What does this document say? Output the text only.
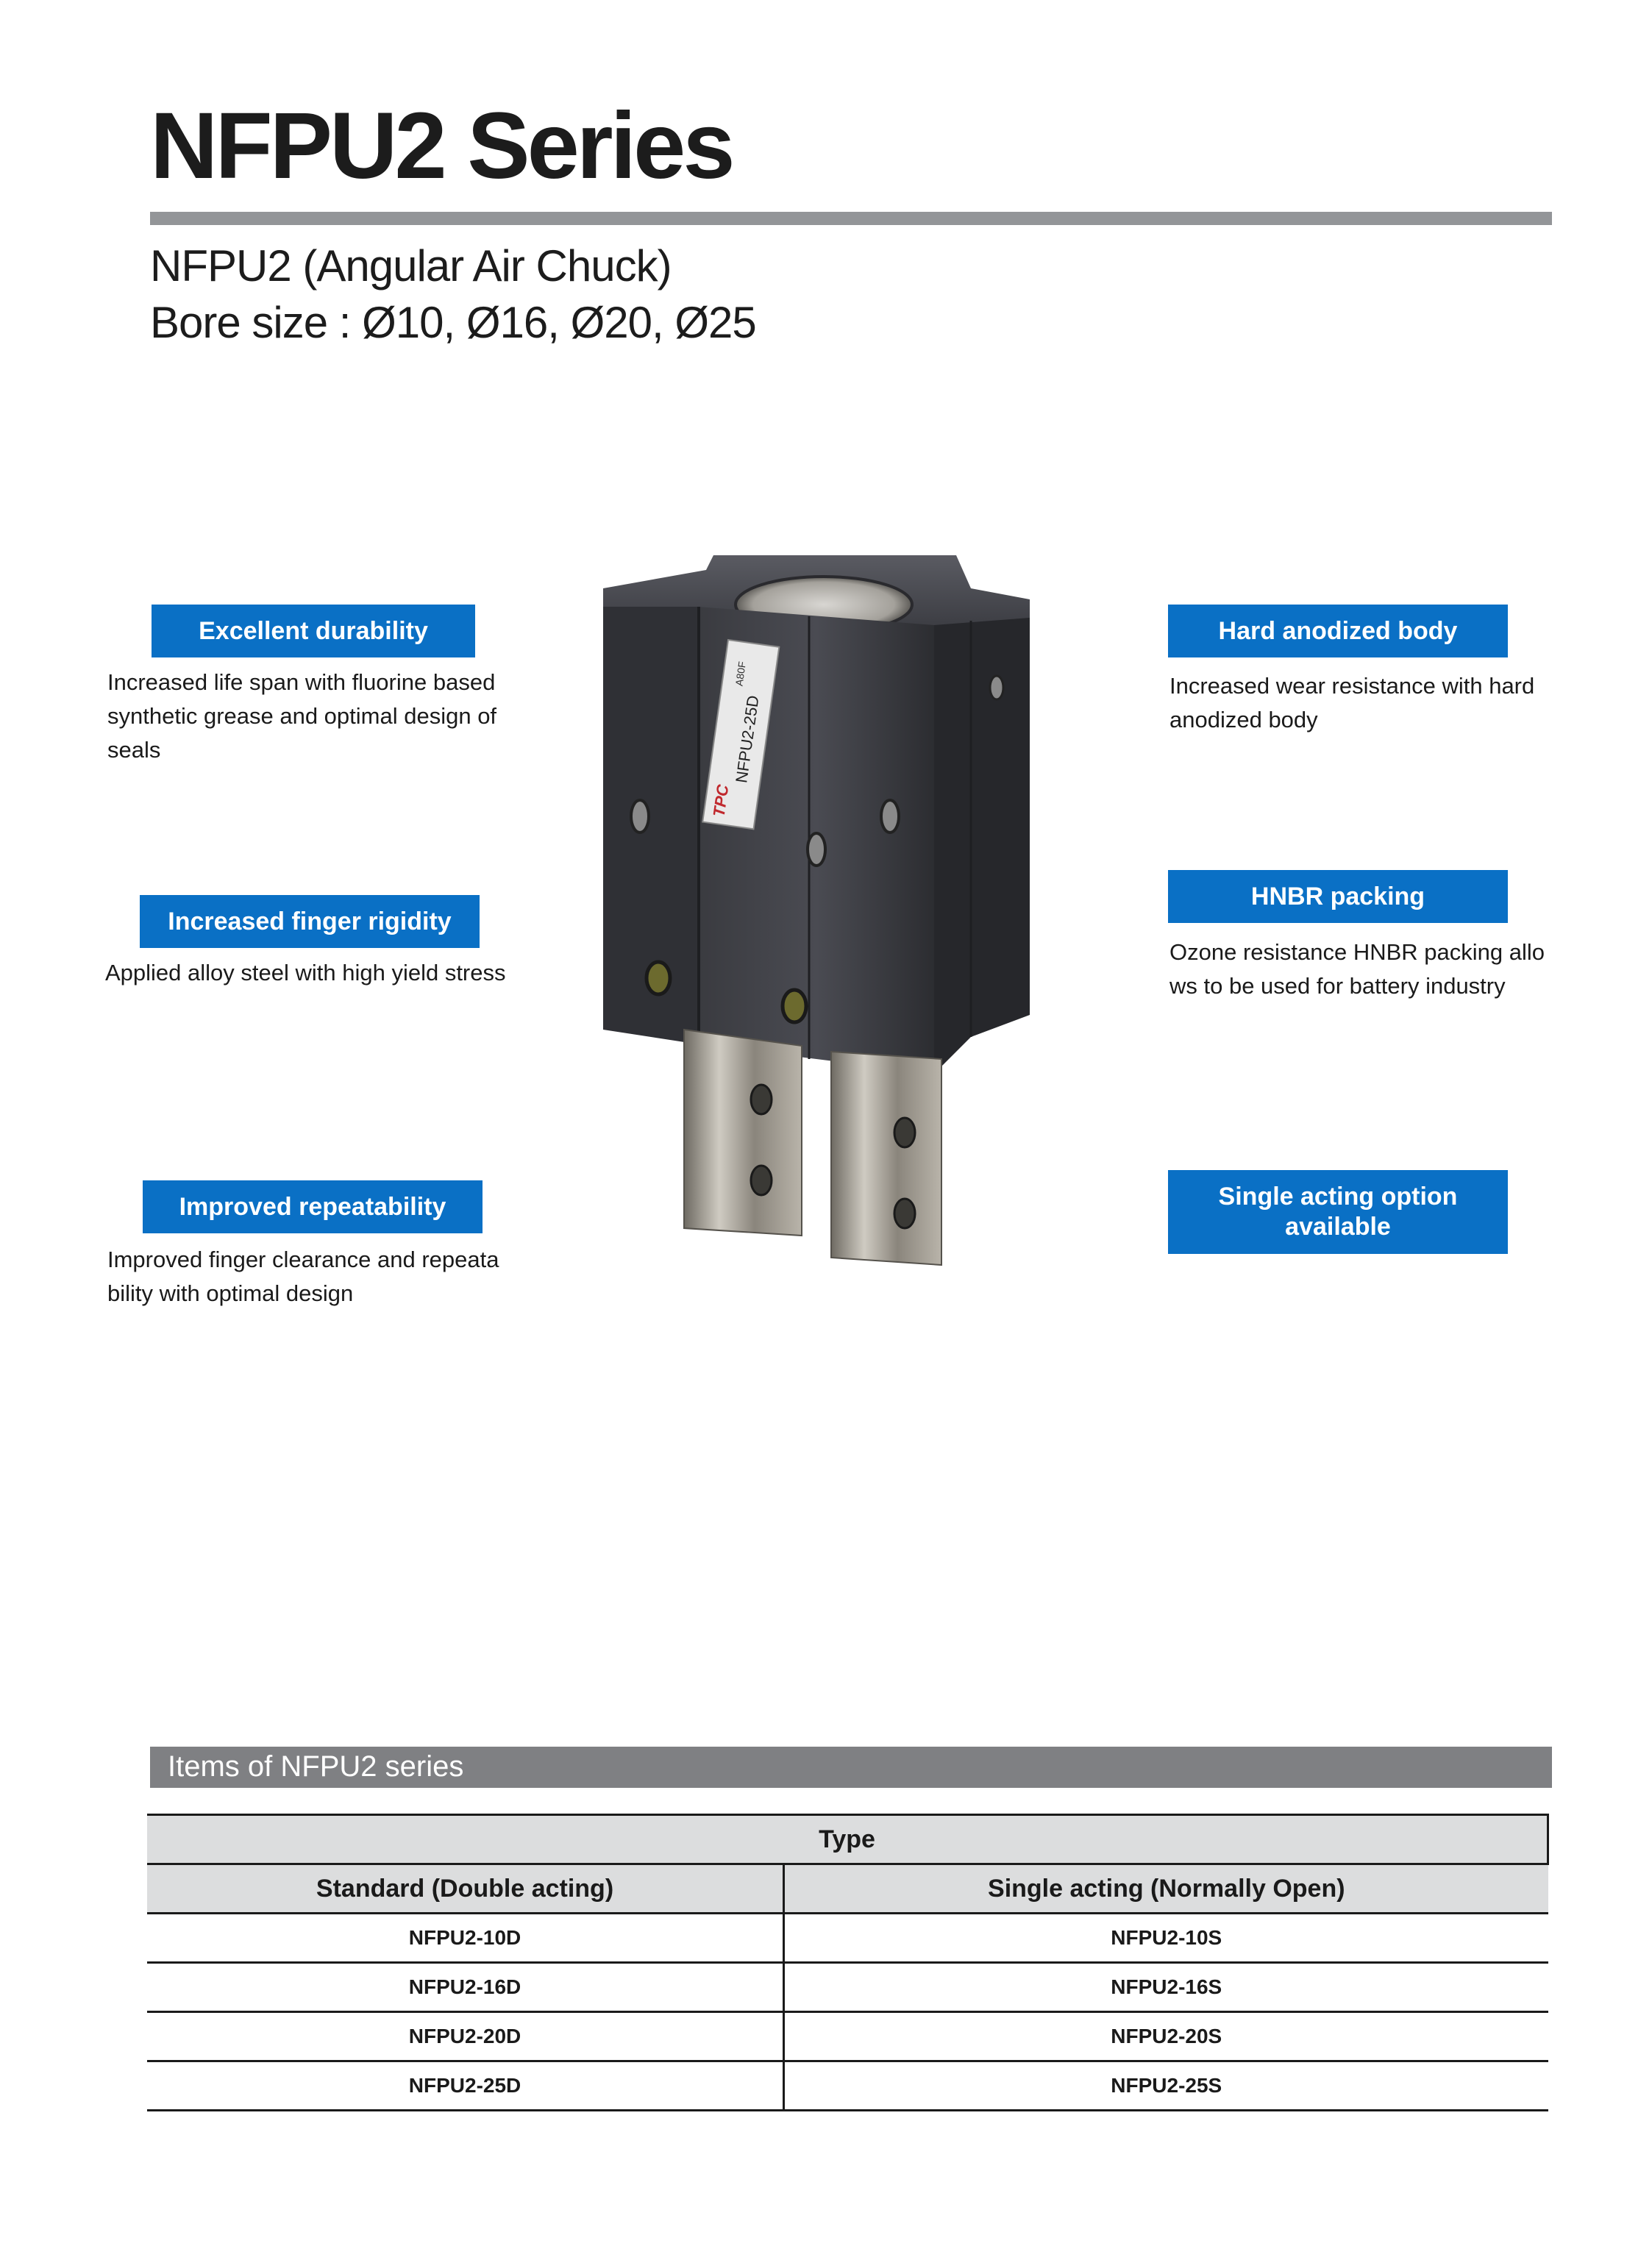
NFPU2 Series
NFPU2 (Angular Air Chuck)
Bore size : Ø10, Ø16, Ø20, Ø25
Excellent durability
Increased life span with fluorine based
synthetic grease and optimal design of
seals
Increased finger rigidity
Applied alloy steel with high yield stress
Improved repeatability
Improved finger clearance and repeata
bility with optimal design
Hard anodized body
Increased wear resistance with hard
anodized body
HNBR packing
Ozone resistance HNBR packing allo
ws to be used for battery industry
Single acting option
available
TPC
NFPU2-25D
A80F
Items of NFPU2 series
Type	
Standard (Double acting)	Single acting (Normally Open)
NFPU2-10D	NFPU2-10S
NFPU2-16D	NFPU2-16S
NFPU2-20D	NFPU2-20S
NFPU2-25D	NFPU2-25S
